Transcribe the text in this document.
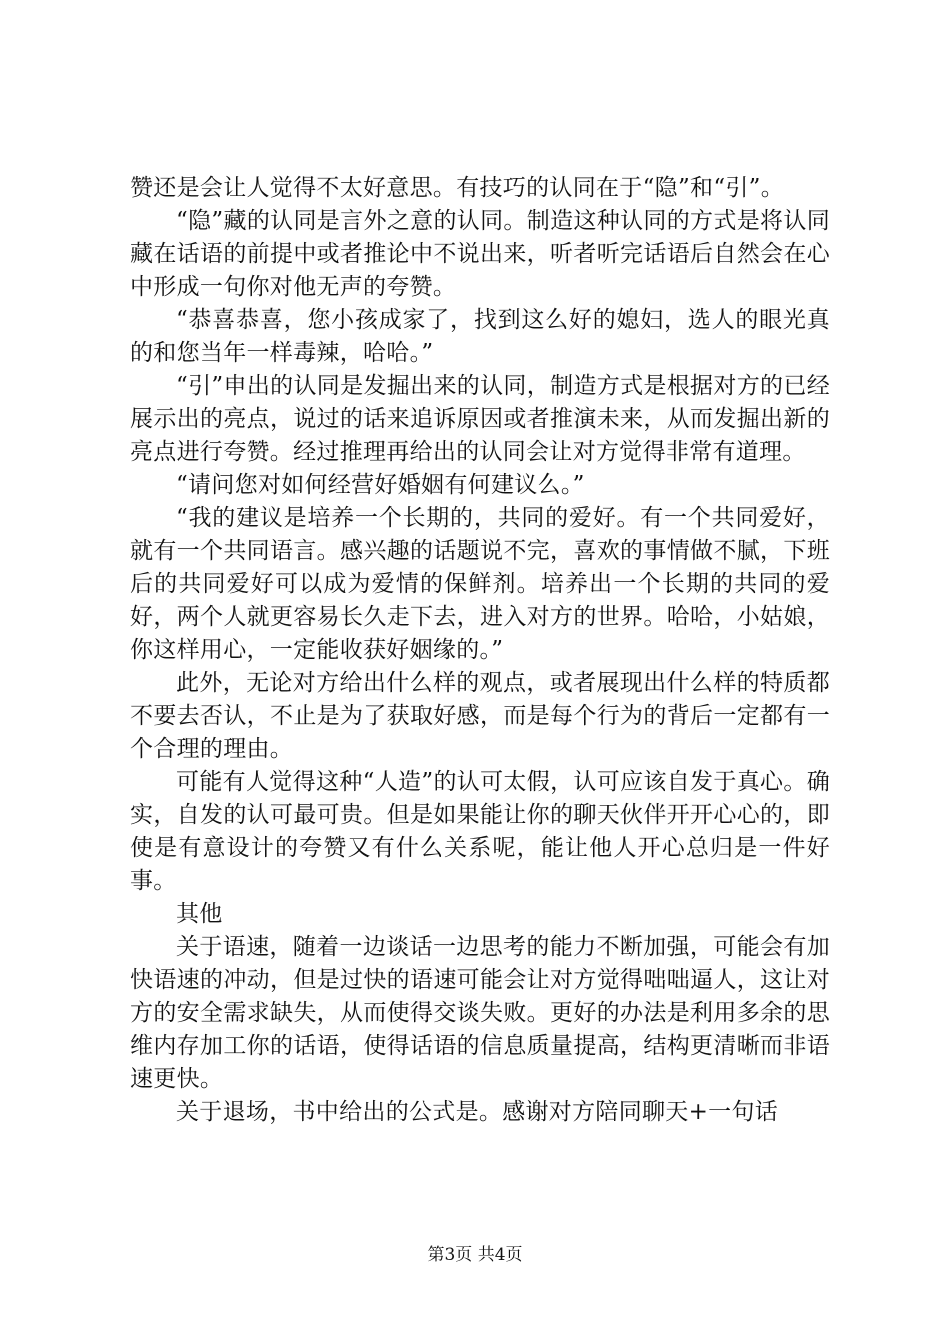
赞还是会让人觉得不太好意思。有技巧的认同在于“隐”和“引”。

“隐”藏的认同是言外之意的认同。制造这种认同的方式是将认同藏在话语的前提中或者推论中不说出来，听者听完话语后自然会在心中形成一句你对他无声的夸赞。

“恭喜恭喜，您小孩成家了，找到这么好的媳妇，选人的眼光真的和您当年一样毒辣，哈哈。”

“引”申出的认同是发掘出来的认同，制造方式是根据对方的已经展示出的亮点，说过的话来追诉原因或者推演未来，从而发掘出新的亮点进行夸赞。经过推理再给出的认同会让对方觉得非常有道理。

“请问您对如何经营好婚姻有何建议么。”

“我的建议是培养一个长期的，共同的爱好。有一个共同爱好，就有一个共同语言。感兴趣的话题说不完，喜欢的事情做不腻，下班后的共同爱好可以成为爱情的保鲜剂。培养出一个长期的共同的爱好，两个人就更容易长久走下去，进入对方的世界。哈哈，小姑娘，你这样用心，一定能收获好姻缘的。”

此外，无论对方给出什么样的观点，或者展现出什么样的特质都不要去否认，不止是为了获取好感，而是每个行为的背后一定都有一个合理的理由。

可能有人觉得这种“人造”的认可太假，认可应该自发于真心。确实，自发的认可最可贵。但是如果能让你的聊天伙伴开开心心的，即使是有意设计的夸赞又有什么关系呢，能让他人开心总归是一件好事。

其他

关于语速，随着一边谈话一边思考的能力不断加强，可能会有加快语速的冲动，但是过快的语速可能会让对方觉得咄咄逼人，这让对方的安全需求缺失，从而使得交谈失败。更好的办法是利用多余的思维内存加工你的话语，使得话语的信息质量提高，结构更清晰而非语速更快。

关于退场，书中给出的公式是。感谢对方陪同聊天+一句话

第3页 共4页
